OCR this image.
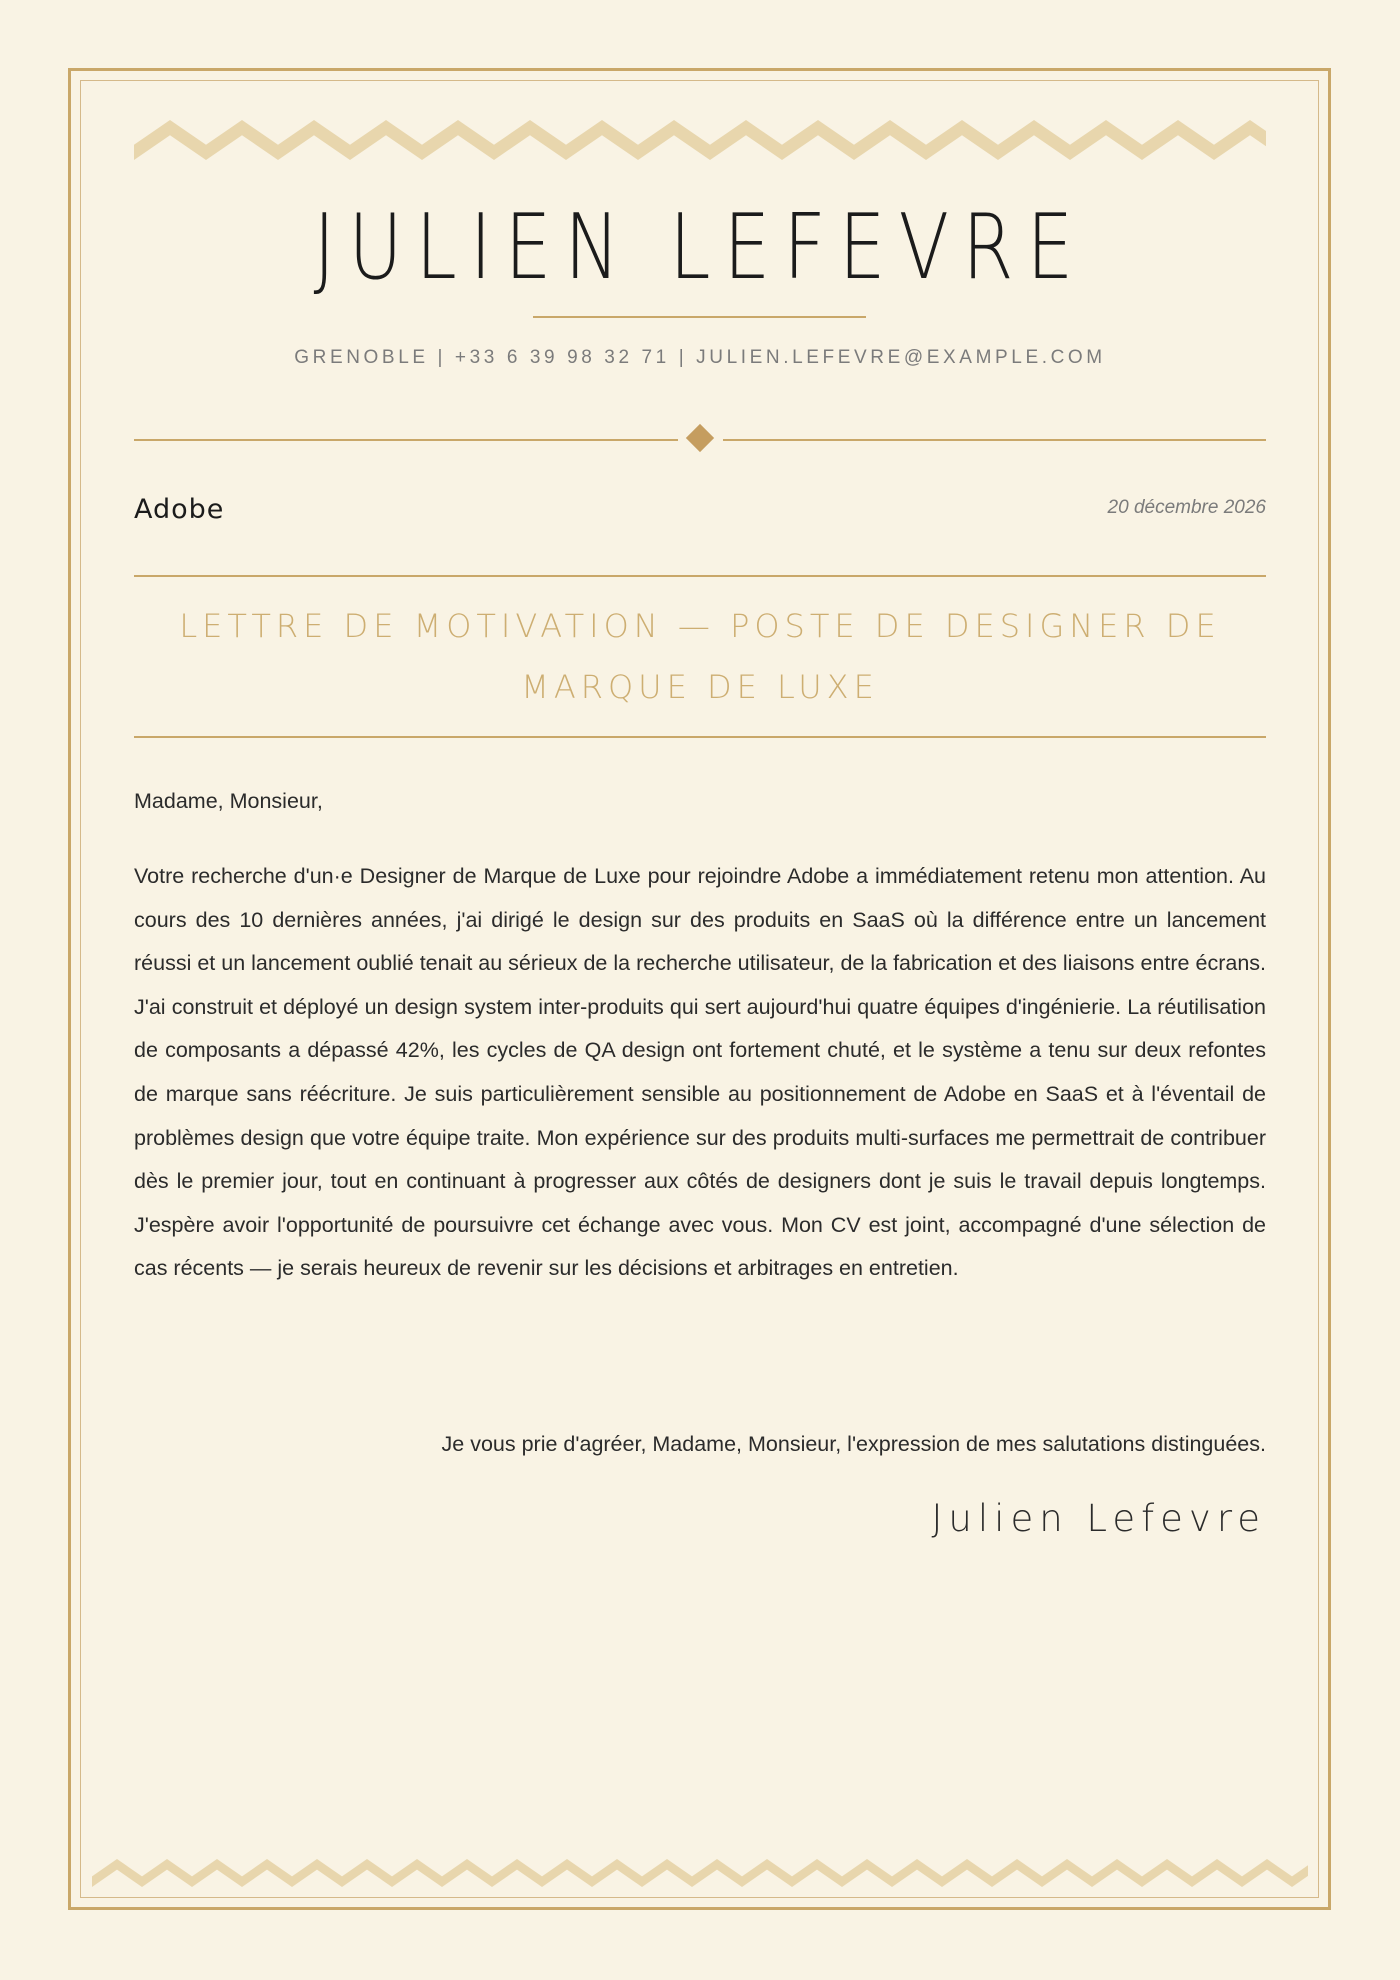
JULIEN LEFEVRE
GRENOBLE | +33 6 39 98 32 71 | JULIEN.LEFEVRE@EXAMPLE.COM
Adobe	20 décembre 2026
LETTRE DE MOTIVATION — POSTE DE DESIGNER DE MARQUE DE LUXE
Madame, Monsieur,

Votre recherche d'un·e Designer de Marque de Luxe pour rejoindre Adobe a immédiatement retenu mon attention. Au cours des 10 dernières années, j'ai dirigé le design sur des produits en SaaS où la différence entre un lancement réussi et un lancement oublié tenait au sérieux de la recherche utilisateur, de la fabrication et des liaisons entre écrans. J'ai construit et déployé un design system inter-produits qui sert aujourd'hui quatre équipes d'ingénierie. La réutilisation de composants a dépassé 42%, les cycles de QA design ont fortement chuté, et le système a tenu sur deux refontes de marque sans réécriture. Je suis particulièrement sensible au positionnement de Adobe en SaaS et à l'éventail de problèmes design que votre équipe traite. Mon expérience sur des produits multi-surfaces me permettrait de contribuer dès le premier jour, tout en continuant à progresser aux côtés de designers dont je suis le travail depuis longtemps. J'espère avoir l'opportunité de poursuivre cet échange avec vous. Mon CV est joint, accompagné d'une sélection de cas récents — je serais heureux de revenir sur les décisions et arbitrages en entretien.

Je vous prie d'agréer, Madame, Monsieur, l'expression de mes salutations distinguées.
Julien Lefevre
